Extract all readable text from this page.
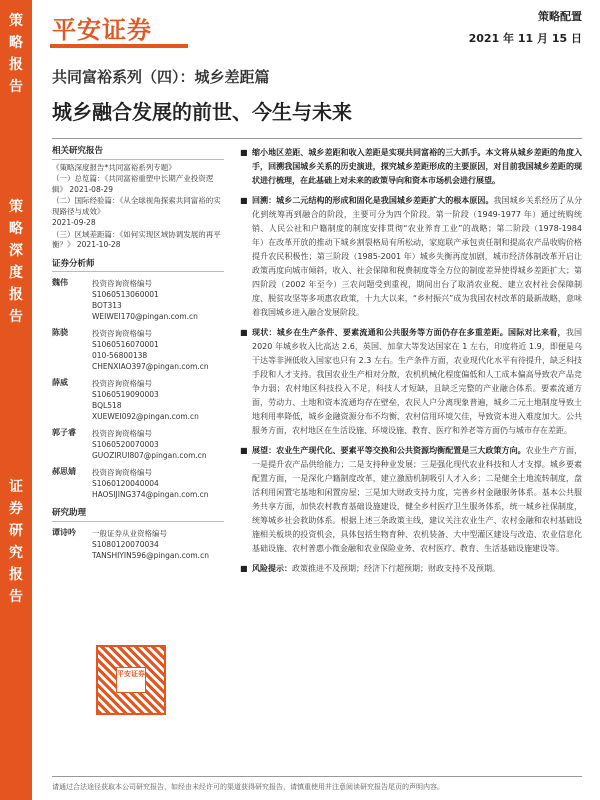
策
略
报
告
策
略
深
度
报
告
证
券
研
究
报
告
平安证券	策略配置
2021 年 11 月 15 日
共同富裕系列（四）：城乡差距篇
城乡融合发展的前世、今生与未来
相关研究报告
《策略深度报告*共同富裕系列专题》
（一）总览篇：《共同富裕重塑中长期产业投资逻辑》 2021-08-29
（二）国际经验篇：《从全球视角探索共同富裕的实现路径与成效》
2021-09-28
（三）区域差距篇：《如何实现区域协调发展的再平衡？》 2021-10-28
证券分析师
魏伟	投资咨询资格编号
S1060513060001
BOT313
WEIWEI170@pingan.com.cn
陈骁	投资咨询资格编号
S1060516070001
010-56800138
CHENXIAO397@pingan.com.cn
薛威	投资咨询资格编号
S1060519090003
BQL518
XUEWEI092@pingan.com.cn
郭子睿	投资咨询资格编号
S1060520070003
GUOZIRUI807@pingan.com.cn
郝思婧	投资咨询资格编号
S1060120040004
HAOSIJING374@pingan.com.cn
研究助理
谭诗吟	一般证券从业资格编号
S1080120070034
TANSHIYIN596@pingan.com.cn
平安证券

■ 缩小地区差距、城乡差距和收入差距是实现共同富裕的三大抓手。本文将从城乡差距的角度入手，回溯我国城乡关系的历史演进，探究城乡差距形成的主要原因，对目前我国城乡差距的现状进行梳理，在此基础上对未来的政策导向和资本市场机会进行展望。

■ 回溯：城乡二元结构的形成和固化是我国城乡差距扩大的根本原因。我国城乡关系经历了从分化到统筹再到融合的阶段，主要可分为四个阶段。第一阶段（1949-1977 年）通过统购统销、人民公社和户籍制度的制度安排贯彻“农业养育工业”的战略；第二阶段（1978-1984 年）在改革开放的推动下城乡割裂格局有所松动，家庭联产承包责任制和提高农产品收购价格提升农民积极性；第三阶段（1985-2001 年）城乡失衡再度加剧，城市经济体制改革开启让政策再度向城市倾斜，收入、社会保障和税费制度等全方位的制度差异使得城乡差距扩大；第四阶段（2002 年至今）三农问题受到重视，期间出台了取消农业税、建立农村社会保障制度、脱贫攻坚等多项惠农政策，十九大以来，“乡村振兴”成为我国农村改革的最新战略，意味着我国城乡进入融合发展阶段。

■ 现状：城乡在生产条件、要素流通和公共服务等方面仍存在多重差距。国际对比来看，我国 2020 年城乡收入比高达 2.6，英国、加拿大等发达国家在 1 左右，印度将近 1.9，即便是乌干达等非洲低收入国家也只有 2.3 左右。生产条件方面，农业现代化水平有待提升，缺乏科技手段和人才支持。我国农业生产相对分散，农机机械化程度偏低和人工成本偏高导致农产品竞争力弱；农村地区科技投入不足，科技人才短缺，且缺乏完整的产业融合体系。要素流通方面，劳动力、土地和资本流通均存在壁垒，农民人户分离现象普遍，城乡二元土地制度导致土地利用率降低，城乡金融资源分布不均衡，农村信用环境欠佳，导致资本进入难度加大。公共服务方面，农村地区在生活设施、环境设施、教育、医疗和养老等方面仍与城市存在差距。

■ 展望：农业生产现代化、要素平等交换和公共资源均衡配置是三大政策方向。农业生产方面，一是提升农产品供给能力；二是支持种业发展；三是强化现代农业科技和人才支撑。城乡要素配置方面，一是深化户籍制度改革，建立激励机制吸引人才入乡；二是健全土地流转制度，盘活利用闲置宅基地和闲置房屋；三是加大财政支持力度，完善乡村金融服务体系。基本公共服务共享方面，加快农村教育基础设施建设，健全乡村医疗卫生服务体系，统一城乡社保制度，统筹城乡社会救助体系。根据上述三条政策主线，建议关注农业生产、农村金融和农村基础设施相关板块的投资机会，具体包括生物育种、农机装备、大中型灌区建设与改造、农业信息化基础设施、农村普惠小微金融和农业保险业务、农村医疗、教育、生活基础设施建设等。

■ 风险提示：政策推进不及预期；经济下行超预期；财政支持不及预期。

请通过合法途径获取本公司研究报告，如经由未经许可的渠道获得研究报告，请慎重使用并注意阅读研究报告尾页的声明内容。
